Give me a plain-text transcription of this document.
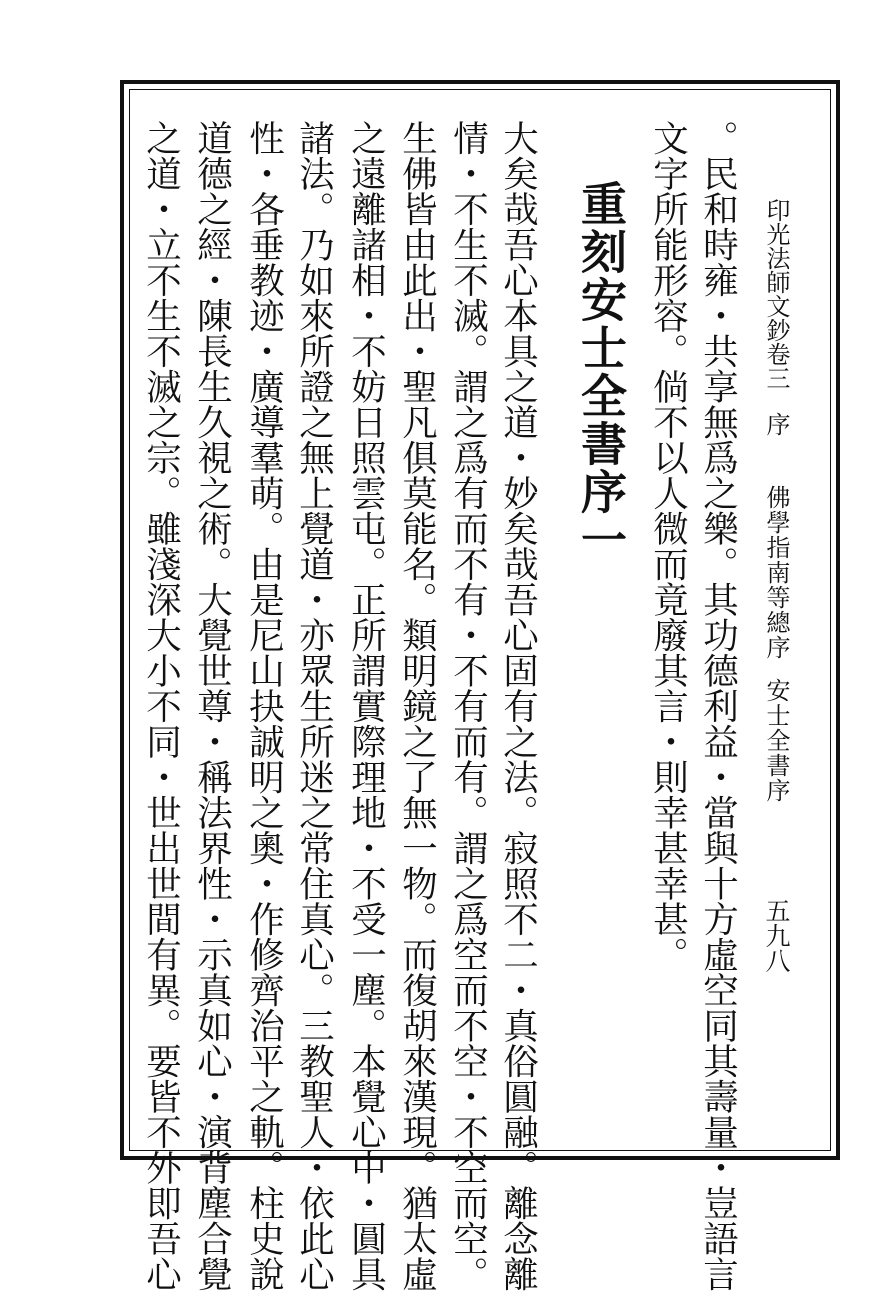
印光法師文鈔卷三序
佛學指南等總序安士全書序
五九八
。民和時雍・共享無爲之樂。其功德利益・當與十方虛空同其壽量・豈語言
文字所能形容。倘不以人微而竟廢其言・則幸甚幸甚。
重刻安士全書序一
大矣哉吾心本具之道・妙矣哉吾心固有之法。寂照不二・真俗圓融。離念離
情・不生不滅。謂之爲有而不有・不有而有。謂之爲空而不空・不空而空。
生佛皆由此出・聖凡俱莫能名。類明鏡之了無一物。而復胡來漢現。猶太虛
之遠離諸相・不妨日照雲屯。正所謂實際理地・不受一塵。本覺心中・圓具
諸法。乃如來所證之無上覺道・亦眾生所迷之常住真心。三教聖人・依此心
性・各垂教迹・廣導羣萌。由是尼山抉誠明之奧・作修齊治平之軌。柱史說
道德之經・陳長生久視之術。大覺世尊・稱法界性・示真如心・演背塵合覺
之道・立不生不滅之宗。雖淺深大小不同・世出世間有異。要皆不外即吾心
